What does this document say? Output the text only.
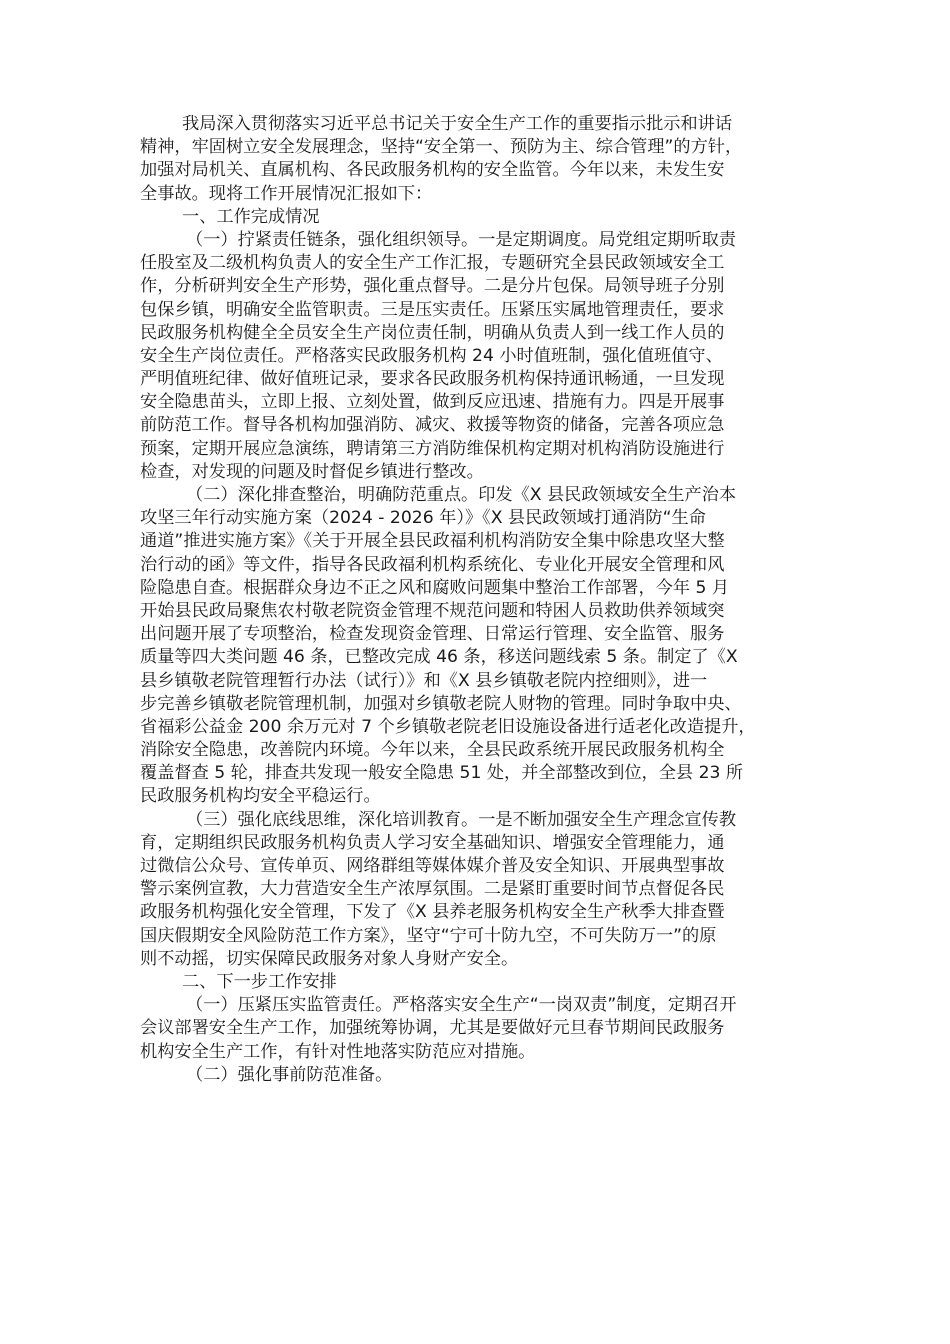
我局深入贯彻落实习近平总书记关于安全生产工作的重要指示批示和讲话
精神，牢固树立安全发展理念，坚持“安全第一、预防为主、综合管理”的方针，
加强对局机关、直属机构、各民政服务机构的安全监管。今年以来，未发生安
全事故。现将工作开展情况汇报如下：
一、工作完成情况
（一）拧紧责任链条，强化组织领导。一是定期调度。局党组定期听取责
任股室及二级机构负责人的安全生产工作汇报，专题研究全县民政领域安全工
作，分析研判安全生产形势，强化重点督导。二是分片包保。局领导班子分别
包保乡镇，明确安全监管职责。三是压实责任。压紧压实属地管理责任，要求
民政服务机构健全全员安全生产岗位责任制，明确从负责人到一线工作人员的
安全生产岗位责任。严格落实民政服务机构 24 小时值班制，强化值班值守、
严明值班纪律、做好值班记录，要求各民政服务机构保持通讯畅通，一旦发现
安全隐患苗头，立即上报、立刻处置，做到反应迅速、措施有力。四是开展事
前防范工作。督导各机构加强消防、减灾、救援等物资的储备，完善各项应急
预案，定期开展应急演练，聘请第三方消防维保机构定期对机构消防设施进行
检查，对发现的问题及时督促乡镇进行整改。
（二）深化排查整治，明确防范重点。印发《X 县民政领域安全生产治本
攻坚三年行动实施方案（2024 - 2026 年）》《X 县民政领域打通消防“生命
通道”推进实施方案》《关于开展全县民政福利机构消防安全集中除患攻坚大整
治行动的函》等文件，指导各民政福利机构系统化、专业化开展安全管理和风
险隐患自查。根据群众身边不正之风和腐败问题集中整治工作部署，今年 5 月
开始县民政局聚焦农村敬老院资金管理不规范问题和特困人员救助供养领域突
出问题开展了专项整治，检查发现资金管理、日常运行管理、安全监管、服务
质量等四大类问题 46 条，已整改完成 46 条，移送问题线索 5 条。制定了《X
县乡镇敬老院管理暂行办法（试行）》和《X 县乡镇敬老院内控细则》，进一
步完善乡镇敬老院管理机制，加强对乡镇敬老院人财物的管理。同时争取中央、
省福彩公益金 200 余万元对 7 个乡镇敬老院老旧设施设备进行适老化改造提升，
消除安全隐患，改善院内环境。今年以来，全县民政系统开展民政服务机构全
覆盖督查 5 轮，排查共发现一般安全隐患 51 处，并全部整改到位，全县 23 所
民政服务机构均安全平稳运行。
（三）强化底线思维，深化培训教育。一是不断加强安全生产理念宣传教
育，定期组织民政服务机构负责人学习安全基础知识、增强安全管理能力，通
过微信公众号、宣传单页、网络群组等媒体媒介普及安全知识、开展典型事故
警示案例宣教，大力营造安全生产浓厚氛围。二是紧盯重要时间节点督促各民
政服务机构强化安全管理，下发了《X 县养老服务机构安全生产秋季大排查暨
国庆假期安全风险防范工作方案》，坚守“宁可十防九空，不可失防万一”的原
则不动摇，切实保障民政服务对象人身财产安全。
二、下一步工作安排
（一）压紧压实监管责任。严格落实安全生产“一岗双责”制度，定期召开
会议部署安全生产工作，加强统筹协调，尤其是要做好元旦春节期间民政服务
机构安全生产工作，有针对性地落实防范应对措施。
（二）强化事前防范准备。
